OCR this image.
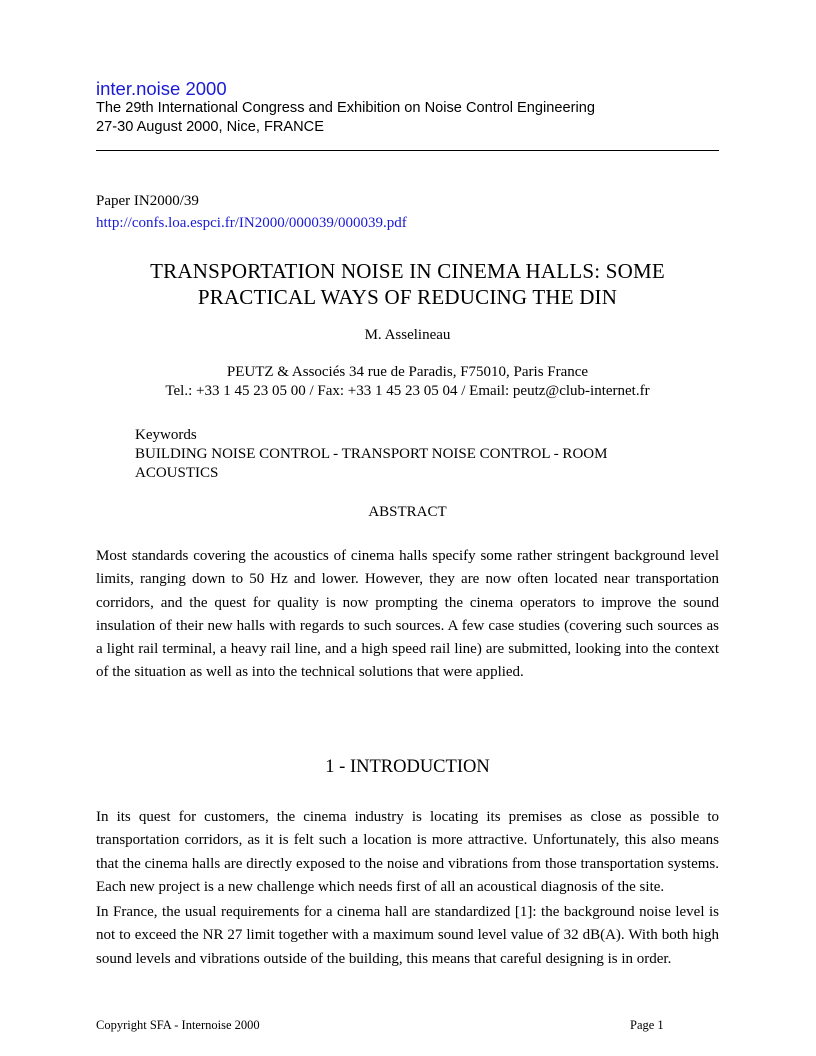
inter.noise 2000
The 29th International Congress and Exhibition on Noise Control Engineering
27-30 August 2000, Nice, FRANCE
Paper IN2000/39
http://confs.loa.espci.fr/IN2000/000039/000039.pdf
TRANSPORTATION NOISE IN CINEMA HALLS: SOME
PRACTICAL WAYS OF REDUCING THE DIN
M. Asselineau
PEUTZ & Associés 34 rue de Paradis, F75010, Paris France
Tel.: +33 1 45 23 05 00 / Fax: +33 1 45 23 05 04 / Email: peutz@club-internet.fr
Keywords
BUILDING NOISE CONTROL - TRANSPORT NOISE CONTROL - ROOM
ACOUSTICS
ABSTRACT

Most standards covering the acoustics of cinema halls specify some rather stringent background level limits, ranging down to 50 Hz and lower. However, they are now often located near transportation corridors, and the quest for quality is now prompting the cinema operators to improve the sound insulation of their new halls with regards to such sources. A few case studies (covering such sources as a light rail terminal, a heavy rail line, and a high speed rail line) are submitted, looking into the context of the situation as well as into the technical solutions that were applied.

1 - INTRODUCTION

In its quest for customers, the cinema industry is locating its premises as close as possible to transportation corridors, as it is felt such a location is more attractive. Unfortunately, this also means that the cinema halls are directly exposed to the noise and vibrations from those transportation systems. Each new project is a new challenge which needs first of all an acoustical diagnosis of the site.

In France, the usual requirements for a cinema hall are standardized [1]: the background noise level is not to exceed the NR 27 limit together with a maximum sound level value of 32 dB(A). With both high sound levels and vibrations outside of the building, this means that careful designing is in order.

Copyright SFA - Internoise 2000	Page 1
